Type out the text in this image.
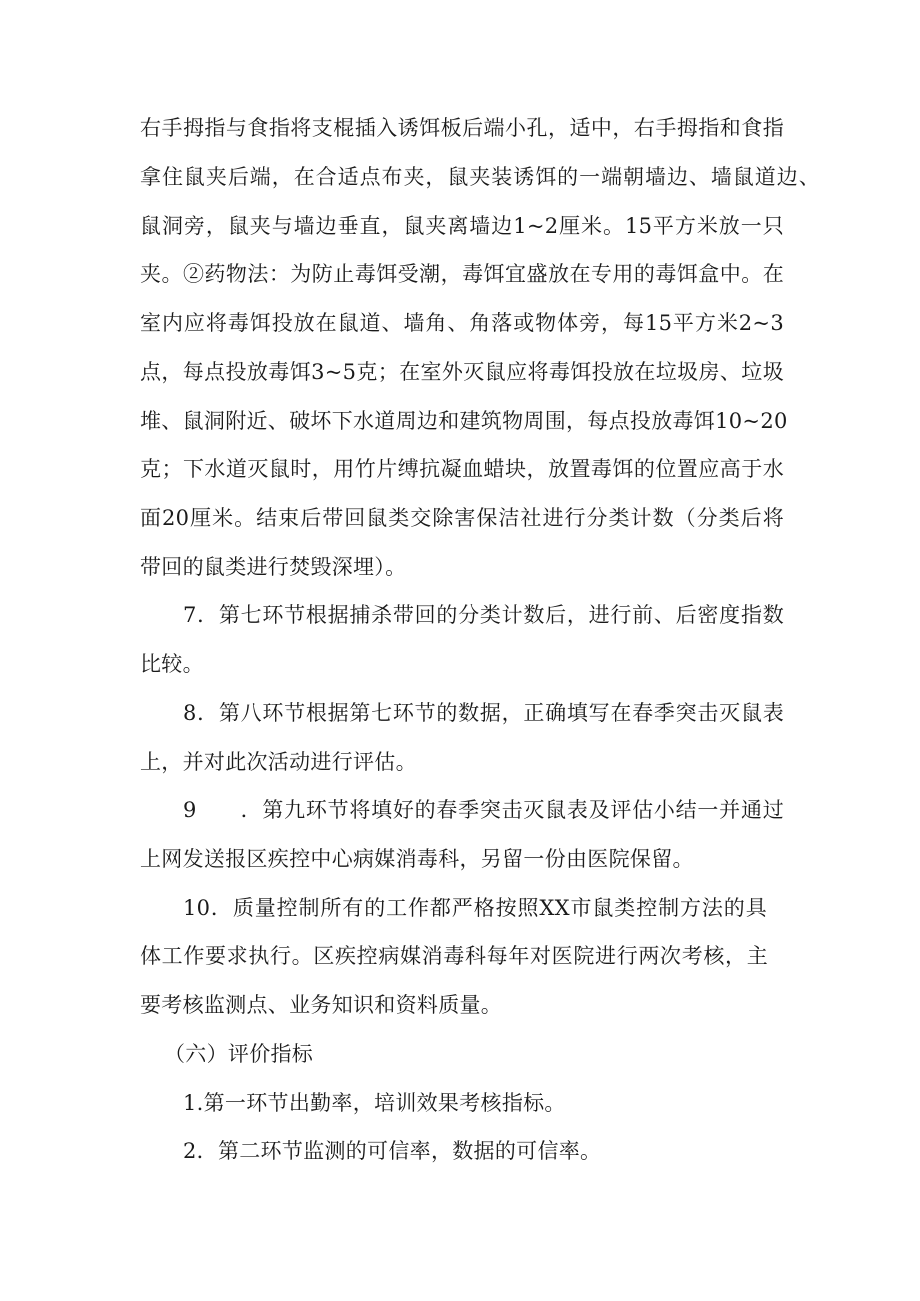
右手拇指与食指将支棍插入诱饵板后端小孔，适中，右手拇指和食指
拿住鼠夹后端，在合适点布夹，鼠夹装诱饵的一端朝墙边、墙鼠道边、
鼠洞旁，鼠夹与墙边垂直，鼠夹离墙边1~2厘米。15平方米放一只
夹。②药物法：为防止毒饵受潮，毒饵宜盛放在专用的毒饵盒中。在
室内应将毒饵投放在鼠道、墙角、角落或物体旁，每15平方米2~3
点，每点投放毒饵3~5克；在室外灭鼠应将毒饵投放在垃圾房、垃圾
堆、鼠洞附近、破坏下水道周边和建筑物周围，每点投放毒饵10~20
克；下水道灭鼠时，用竹片缚抗凝血蜡块，放置毒饵的位置应高于水
面20厘米。结束后带回鼠类交除害保洁社进行分类计数（分类后将
带回的鼠类进行焚毁深埋）。
7．第七环节根据捕杀带回的分类计数后，进行前、后密度指数
比较。
8．第八环节根据第七环节的数据，正确填写在春季突击灭鼠表
上，并对此次活动进行评估。
9　　．第九环节将填好的春季突击灭鼠表及评估小结一并通过
上网发送报区疾控中心病媒消毒科，另留一份由医院保留。
10．质量控制所有的工作都严格按照XX市鼠类控制方法的具
体工作要求执行。区疾控病媒消毒科每年对医院进行两次考核，主
要考核监测点、业务知识和资料质量。
（六）评价指标
1.第一环节出勤率，培训效果考核指标。
2．第二环节监测的可信率，数据的可信率。
